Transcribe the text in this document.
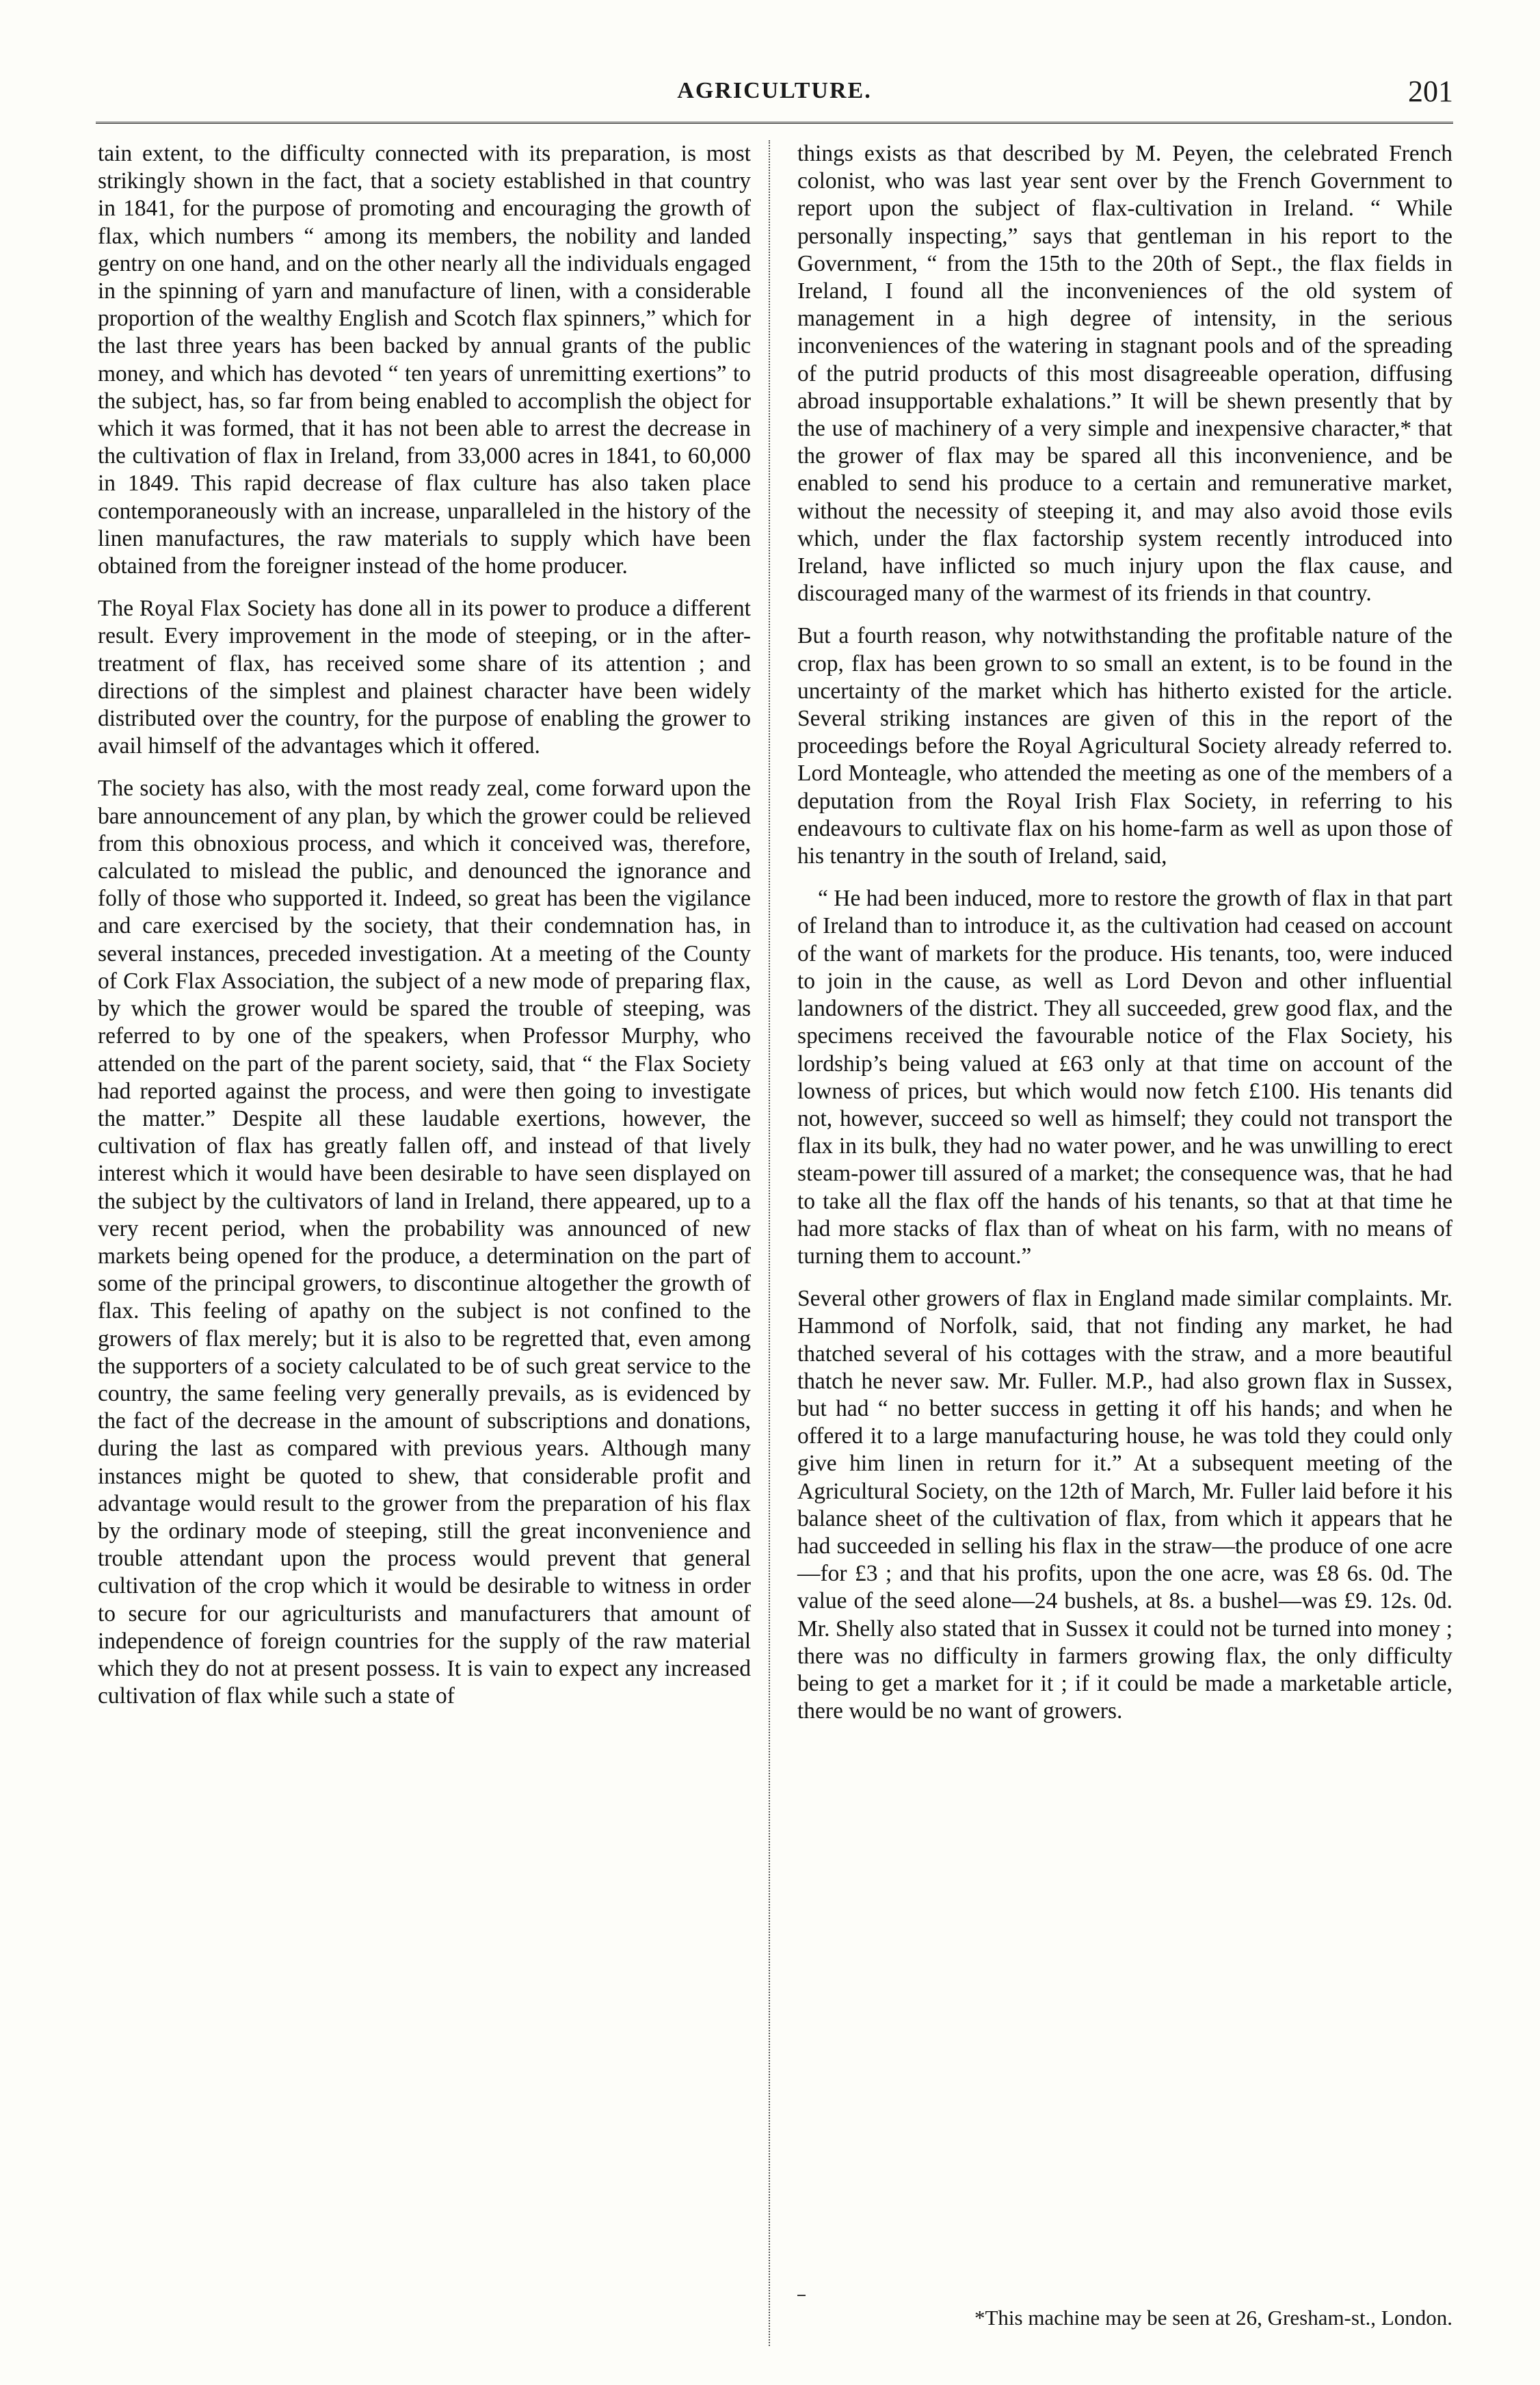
AGRICULTURE.	201

tain extent, to the difficulty connected with its preparation, is most strikingly shown in the fact, that a society established in that country in 1841, for the purpose of promoting and encouraging the growth of flax, which numbers “ among its members, the nobility and landed gentry on one hand, and on the other nearly all the individuals engaged in the spinning of yarn and manufacture of linen, with a considerable proportion of the wealthy English and Scotch flax spinners,” which for the last three years has been backed by annual grants of the public money, and which has devoted “ ten years of unremitting exertions” to the subject, has, so far from being enabled to accomplish the object for which it was formed, that it has not been able to arrest the decrease in the cultivation of flax in Ireland, from 33,000 acres in 1841, to 60,000 in 1849. This rapid decrease of flax culture has also taken place contemporaneously with an increase, unparalleled in the history of the linen manufactures, the raw materials to supply which have been obtained from the foreigner instead of the home producer.

The Royal Flax Society has done all in its power to produce a different result. Every improvement in the mode of steeping, or in the after-treatment of flax, has received some share of its attention ; and directions of the simplest and plainest character have been widely distributed over the country, for the purpose of enabling the grower to avail himself of the advantages which it offered.

The society has also, with the most ready zeal, come forward upon the bare announcement of any plan, by which the grower could be relieved from this obnoxious process, and which it conceived was, therefore, calculated to mislead the public, and denounced the ignorance and folly of those who supported it. Indeed, so great has been the vigilance and care exercised by the society, that their condemnation has, in several instances, preceded investigation. At a meeting of the County of Cork Flax Association, the subject of a new mode of preparing flax, by which the grower would be spared the trouble of steeping, was referred to by one of the speakers, when Professor Murphy, who attended on the part of the parent society, said, that “ the Flax Society had reported against the process, and were then going to investigate the matter.” Despite all these laudable exertions, however, the cultivation of flax has greatly fallen off, and instead of that lively interest which it would have been desirable to have seen displayed on the subject by the cultivators of land in Ireland, there appeared, up to a very recent period, when the probability was announced of new markets being opened for the produce, a determination on the part of some of the principal growers, to discontinue altogether the growth of flax. This feeling of apathy on the subject is not confined to the growers of flax merely; but it is also to be regretted that, even among the supporters of a society calculated to be of such great service to the country, the same feeling very generally prevails, as is evidenced by the fact of the decrease in the amount of subscriptions and donations, during the last as compared with previous years. Although many instances might be quoted to shew, that considerable profit and advantage would result to the grower from the preparation of his flax by the ordinary mode of steeping, still the great inconvenience and trouble attendant upon the process would prevent that general cultivation of the crop which it would be desirable to witness in order to secure for our agriculturists and manufacturers that amount of independence of foreign countries for the supply of the raw material which they do not at present possess. It is vain to expect any increased cultivation of flax while such a state of

things exists as that described by M. Peyen, the celebrated French colonist, who was last year sent over by the French Government to report upon the subject of flax-cultivation in Ireland. “ While personally inspecting,” says that gentleman in his report to the Government, “ from the 15th to the 20th of Sept., the flax fields in Ireland, I found all the inconveniences of the old system of management in a high degree of intensity, in the serious inconveniences of the watering in stagnant pools and of the spreading of the putrid products of this most disagreeable operation, diffusing abroad insupportable exhalations.” It will be shewn presently that by the use of machinery of a very simple and inexpensive character,* that the grower of flax may be spared all this inconvenience, and be enabled to send his produce to a certain and remunerative market, without the necessity of steeping it, and may also avoid those evils which, under the flax factorship system recently introduced into Ireland, have inflicted so much injury upon the flax cause, and discouraged many of the warmest of its friends in that country.

But a fourth reason, why notwithstanding the profitable nature of the crop, flax has been grown to so small an extent, is to be found in the uncertainty of the market which has hitherto existed for the article. Several striking instances are given of this in the report of the proceedings before the Royal Agricultural Society already referred to. Lord Monteagle, who attended the meeting as one of the members of a deputation from the Royal Irish Flax Society, in referring to his endeavours to cultivate flax on his home-farm as well as upon those of his tenantry in the south of Ireland, said,

“ He had been induced, more to restore the growth of flax in that part of Ireland than to introduce it, as the cultivation had ceased on account of the want of markets for the produce. His tenants, too, were induced to join in the cause, as well as Lord Devon and other influential landowners of the district. They all succeeded, grew good flax, and the specimens received the favourable notice of the Flax Society, his lordship’s being valued at £63 only at that time on account of the lowness of prices, but which would now fetch £100. His tenants did not, however, succeed so well as himself; they could not transport the flax in its bulk, they had no water power, and he was unwilling to erect steam-power till assured of a market; the consequence was, that he had to take all the flax off the hands of his tenants, so that at that time he had more stacks of flax than of wheat on his farm, with no means of turning them to account.”

Several other growers of flax in England made similar complaints. Mr. Hammond of Norfolk, said, that not finding any market, he had thatched several of his cottages with the straw, and a more beautiful thatch he never saw. Mr. Fuller. M.P., had also grown flax in Sussex, but had “ no better success in getting it off his hands; and when he offered it to a large manufacturing house, he was told they could only give him linen in return for it.” At a subsequent meeting of the Agricultural Society, on the 12th of March, Mr. Fuller laid before it his balance sheet of the cultivation of flax, from which it appears that he had succeeded in selling his flax in the straw—the produce of one acre—for £3 ; and that his profits, upon the one acre, was £8 6s. 0d. The value of the seed alone—24 bushels, at 8s. a bushel—was £9. 12s. 0d. Mr. Shelly also stated that in Sussex it could not be turned into money ; there was no difficulty in farmers growing flax, the only difficulty being to get a market for it ; if it could be made a marketable article, there would be no want of growers.

*This machine may be seen at 26, Gresham-st., London.
